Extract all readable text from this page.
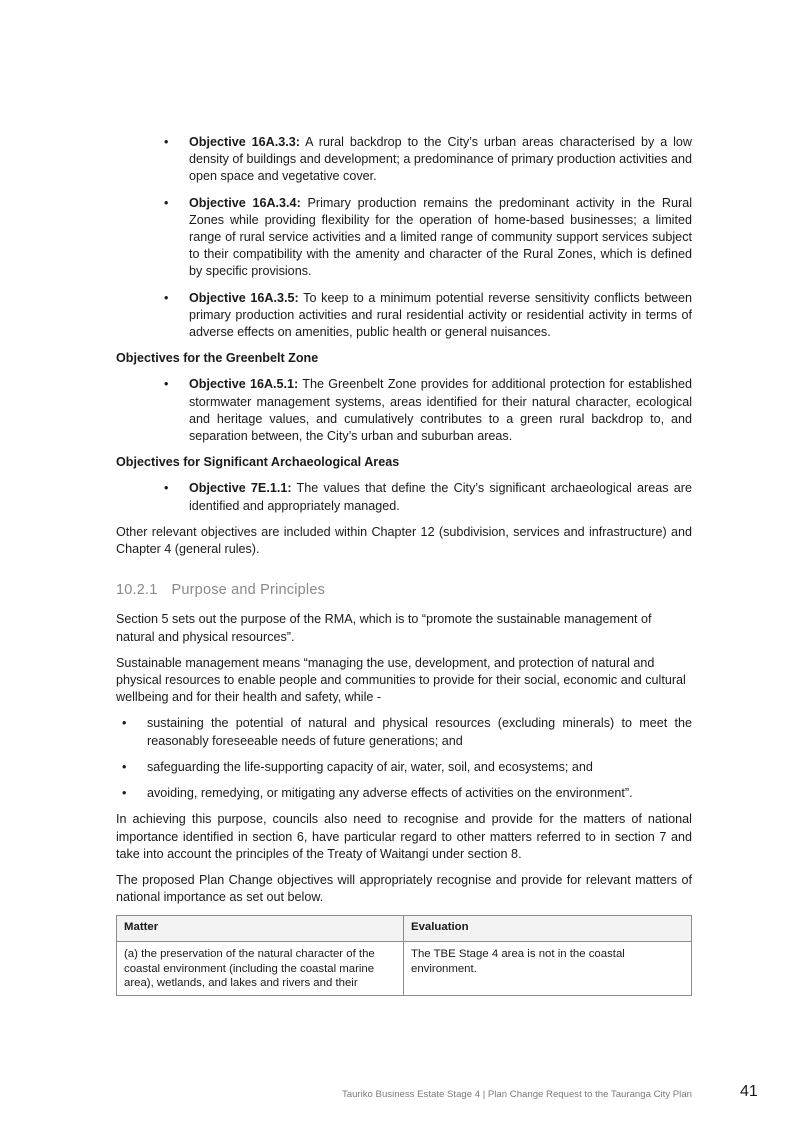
• Objective 16A.3.3: A rural backdrop to the City’s urban areas characterised by a low density of buildings and development; a predominance of primary production activities and open space and vegetative cover.
• Objective 16A.3.4: Primary production remains the predominant activity in the Rural Zones while providing flexibility for the operation of home-based businesses; a limited range of rural service activities and a limited range of community support services subject to their compatibility with the amenity and character of the Rural Zones, which is defined by specific provisions.
• Objective 16A.3.5: To keep to a minimum potential reverse sensitivity conflicts between primary production activities and rural residential activity or residential activity in terms of adverse effects on amenities, public health or general nuisances.

Objectives for the Greenbelt Zone

• Objective 16A.5.1: The Greenbelt Zone provides for additional protection for established stormwater management systems, areas identified for their natural character, ecological and heritage values, and cumulatively contributes to a green rural backdrop to, and separation between, the City’s urban and suburban areas.

Objectives for Significant Archaeological Areas

• Objective 7E.1.1: The values that define the City’s significant archaeological areas are identified and appropriately managed.

Other relevant objectives are included within Chapter 12 (subdivision, services and infrastructure) and Chapter 4 (general rules).

10.2.1 Purpose and Principles

Section 5 sets out the purpose of the RMA, which is to “promote the sustainable management of natural and physical resources”.

Sustainable management means “managing the use, development, and protection of natural and physical resources to enable people and communities to provide for their social, economic and cultural wellbeing and for their health and safety, while -

• sustaining the potential of natural and physical resources (excluding minerals) to meet the reasonably foreseeable needs of future generations; and
• safeguarding the life-supporting capacity of air, water, soil, and ecosystems; and
• avoiding, remedying, or mitigating any adverse effects of activities on the environment”.

In achieving this purpose, councils also need to recognise and provide for the matters of national importance identified in section 6, have particular regard to other matters referred to in section 7 and take into account the principles of the Treaty of Waitangi under section 8.

The proposed Plan Change objectives will appropriately recognise and provide for relevant matters of national importance as set out below.

Matter	Evaluation
(a) the preservation of the natural character of the coastal environment (including the coastal marine area), wetlands, and lakes and rivers and their	The TBE Stage 4 area is not in the coastal environment.
Tauriko Business Estate Stage 4 | Plan Change Request to the Tauranga City Plan	41
